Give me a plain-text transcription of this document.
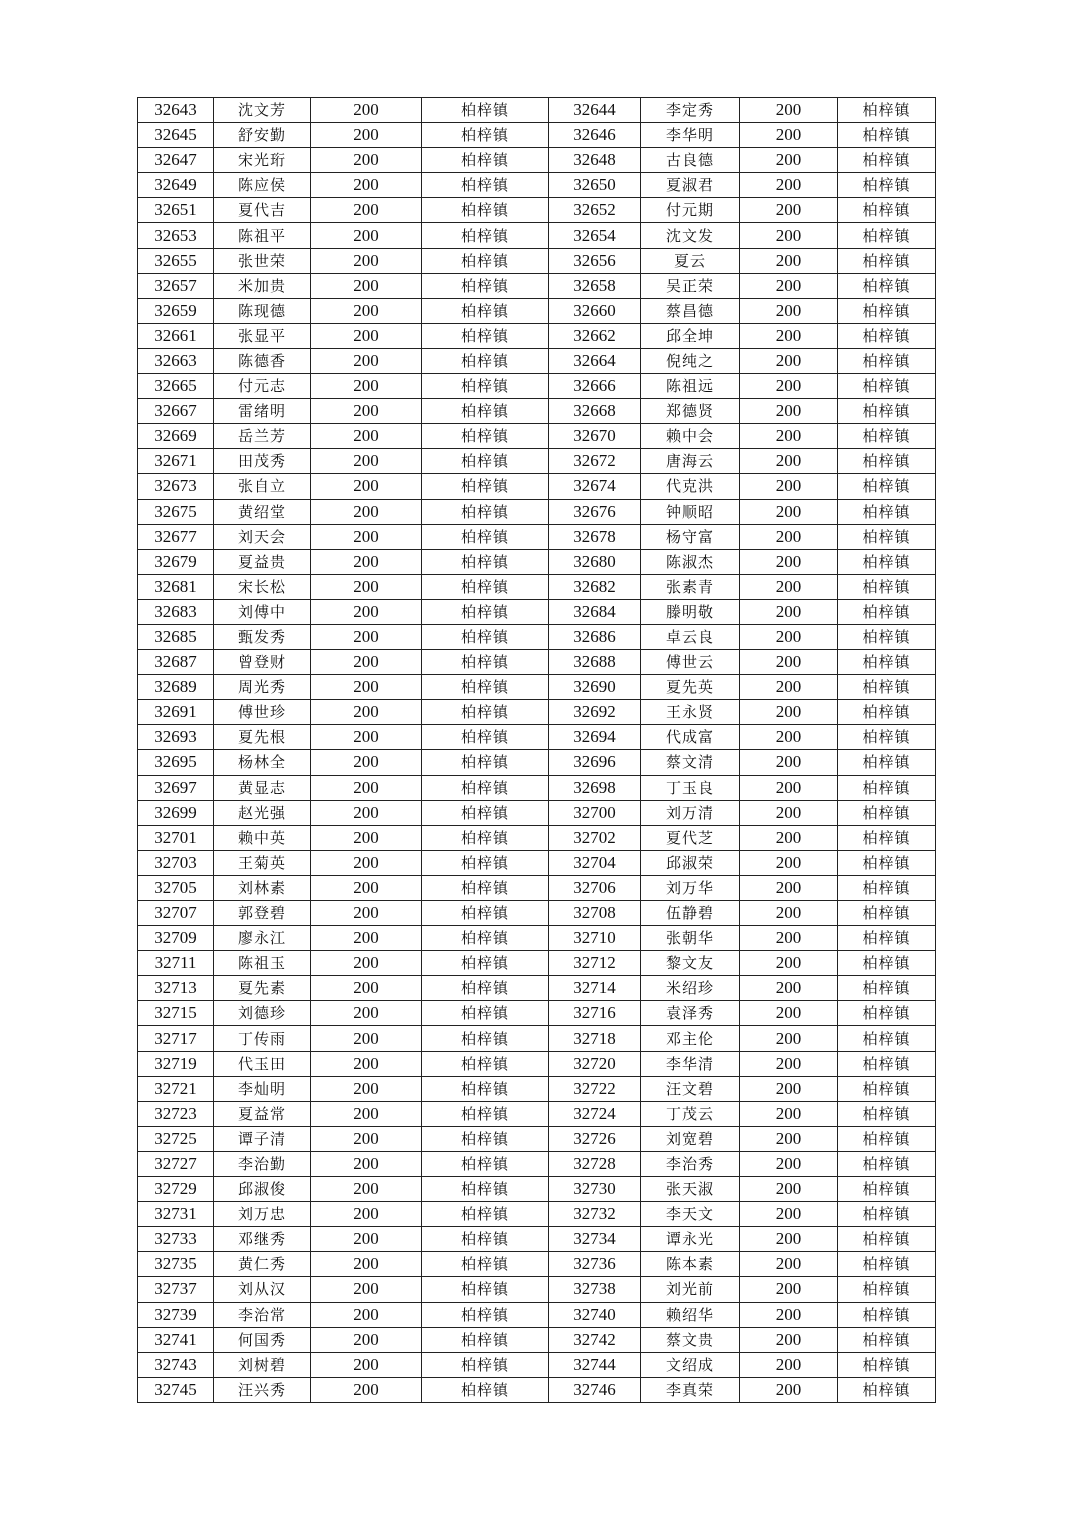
32643	沈文芳	200	柏梓镇	32644	李定秀	200	柏梓镇
32645	舒安勤	200	柏梓镇	32646	李华明	200	柏梓镇
32647	宋光珩	200	柏梓镇	32648	古良德	200	柏梓镇
32649	陈应侯	200	柏梓镇	32650	夏淑君	200	柏梓镇
32651	夏代吉	200	柏梓镇	32652	付元期	200	柏梓镇
32653	陈祖平	200	柏梓镇	32654	沈文发	200	柏梓镇
32655	张世荣	200	柏梓镇	32656	夏云	200	柏梓镇
32657	米加贵	200	柏梓镇	32658	吴正荣	200	柏梓镇
32659	陈现德	200	柏梓镇	32660	蔡昌德	200	柏梓镇
32661	张显平	200	柏梓镇	32662	邱全坤	200	柏梓镇
32663	陈德香	200	柏梓镇	32664	倪纯之	200	柏梓镇
32665	付元志	200	柏梓镇	32666	陈祖远	200	柏梓镇
32667	雷绪明	200	柏梓镇	32668	郑德贤	200	柏梓镇
32669	岳兰芳	200	柏梓镇	32670	赖中会	200	柏梓镇
32671	田茂秀	200	柏梓镇	32672	唐海云	200	柏梓镇
32673	张自立	200	柏梓镇	32674	代克洪	200	柏梓镇
32675	黄绍堂	200	柏梓镇	32676	钟顺昭	200	柏梓镇
32677	刘天会	200	柏梓镇	32678	杨守富	200	柏梓镇
32679	夏益贵	200	柏梓镇	32680	陈淑杰	200	柏梓镇
32681	宋长松	200	柏梓镇	32682	张素青	200	柏梓镇
32683	刘傅中	200	柏梓镇	32684	滕明敬	200	柏梓镇
32685	甄发秀	200	柏梓镇	32686	卓云良	200	柏梓镇
32687	曾登财	200	柏梓镇	32688	傅世云	200	柏梓镇
32689	周光秀	200	柏梓镇	32690	夏先英	200	柏梓镇
32691	傅世珍	200	柏梓镇	32692	王永贤	200	柏梓镇
32693	夏先根	200	柏梓镇	32694	代成富	200	柏梓镇
32695	杨林全	200	柏梓镇	32696	蔡文清	200	柏梓镇
32697	黄显志	200	柏梓镇	32698	丁玉良	200	柏梓镇
32699	赵光强	200	柏梓镇	32700	刘万清	200	柏梓镇
32701	赖中英	200	柏梓镇	32702	夏代芝	200	柏梓镇
32703	王菊英	200	柏梓镇	32704	邱淑荣	200	柏梓镇
32705	刘林素	200	柏梓镇	32706	刘万华	200	柏梓镇
32707	郭登碧	200	柏梓镇	32708	伍静碧	200	柏梓镇
32709	廖永江	200	柏梓镇	32710	张朝华	200	柏梓镇
32711	陈祖玉	200	柏梓镇	32712	黎文友	200	柏梓镇
32713	夏先素	200	柏梓镇	32714	米绍珍	200	柏梓镇
32715	刘德珍	200	柏梓镇	32716	袁泽秀	200	柏梓镇
32717	丁传雨	200	柏梓镇	32718	邓主伦	200	柏梓镇
32719	代玉田	200	柏梓镇	32720	李华清	200	柏梓镇
32721	李灿明	200	柏梓镇	32722	汪文碧	200	柏梓镇
32723	夏益常	200	柏梓镇	32724	丁茂云	200	柏梓镇
32725	谭子清	200	柏梓镇	32726	刘宽碧	200	柏梓镇
32727	李治勤	200	柏梓镇	32728	李治秀	200	柏梓镇
32729	邱淑俊	200	柏梓镇	32730	张天淑	200	柏梓镇
32731	刘万忠	200	柏梓镇	32732	李天文	200	柏梓镇
32733	邓继秀	200	柏梓镇	32734	谭永光	200	柏梓镇
32735	黄仁秀	200	柏梓镇	32736	陈本素	200	柏梓镇
32737	刘从汉	200	柏梓镇	32738	刘光前	200	柏梓镇
32739	李治常	200	柏梓镇	32740	赖绍华	200	柏梓镇
32741	何国秀	200	柏梓镇	32742	蔡文贵	200	柏梓镇
32743	刘树碧	200	柏梓镇	32744	文绍成	200	柏梓镇
32745	汪兴秀	200	柏梓镇	32746	李真荣	200	柏梓镇
